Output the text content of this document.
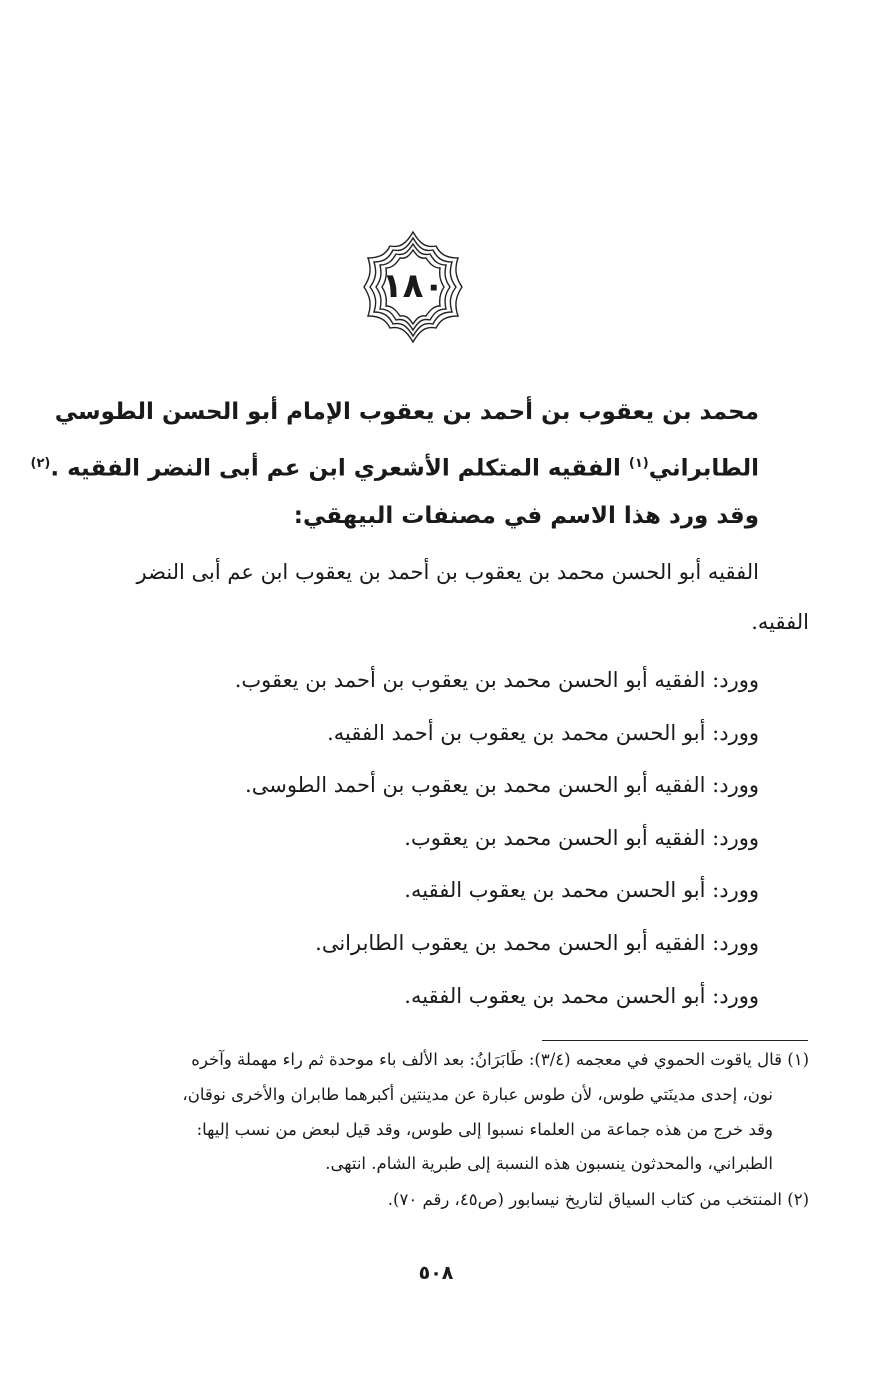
١٨٠
محمد بن يعقوب بن أحمد بن يعقوب الإمام أبو الحسن الطوسي
الطابراني$^{(١)}$ الفقيه المتكلم الأشعري ابن عم أبى النضر الفقيه .$^{(٢)}$
وقد ورد هذا الاسم في مصنفات البيهقي:
الفقيه أبو الحسن محمد بن يعقوب بن أحمد بن يعقوب ابن عم أبى النضر
الفقيه.
وورد: الفقيه أبو الحسن محمد بن يعقوب بن أحمد بن يعقوب.
وورد: أبو الحسن محمد بن يعقوب بن أحمد الفقيه.
وورد: الفقيه أبو الحسن محمد بن يعقوب بن أحمد الطوسى.
وورد: الفقيه أبو الحسن محمد بن يعقوب.
وورد: أبو الحسن محمد بن يعقوب الفقيه.
وورد: الفقيه أبو الحسن محمد بن يعقوب الطابرانى.
وورد: أبو الحسن محمد بن يعقوب الفقيه.
(١) قال ياقوت الحموي في معجمه (٣/٤): طَابَرَانُ: بعد الألف باء موحدة ثم راء مهملة وآخره
نون، إحدى مدينَتي طوس، لأن طوس عبارة عن مدينتين أكبرهما طابران والأخرى نوقان،
وقد خرج من هذه جماعة من العلماء نسبوا إلى طوس، وقد قيل لبعض من نسب إليها:
الطبراني، والمحدثون ينسبون هذه النسبة إلى طبرية الشام. انتهى.
(٢) المنتخب من كتاب السياق لتاريخ نيسابور (ص٤٥، رقم ٧٠).
٥٠٨
